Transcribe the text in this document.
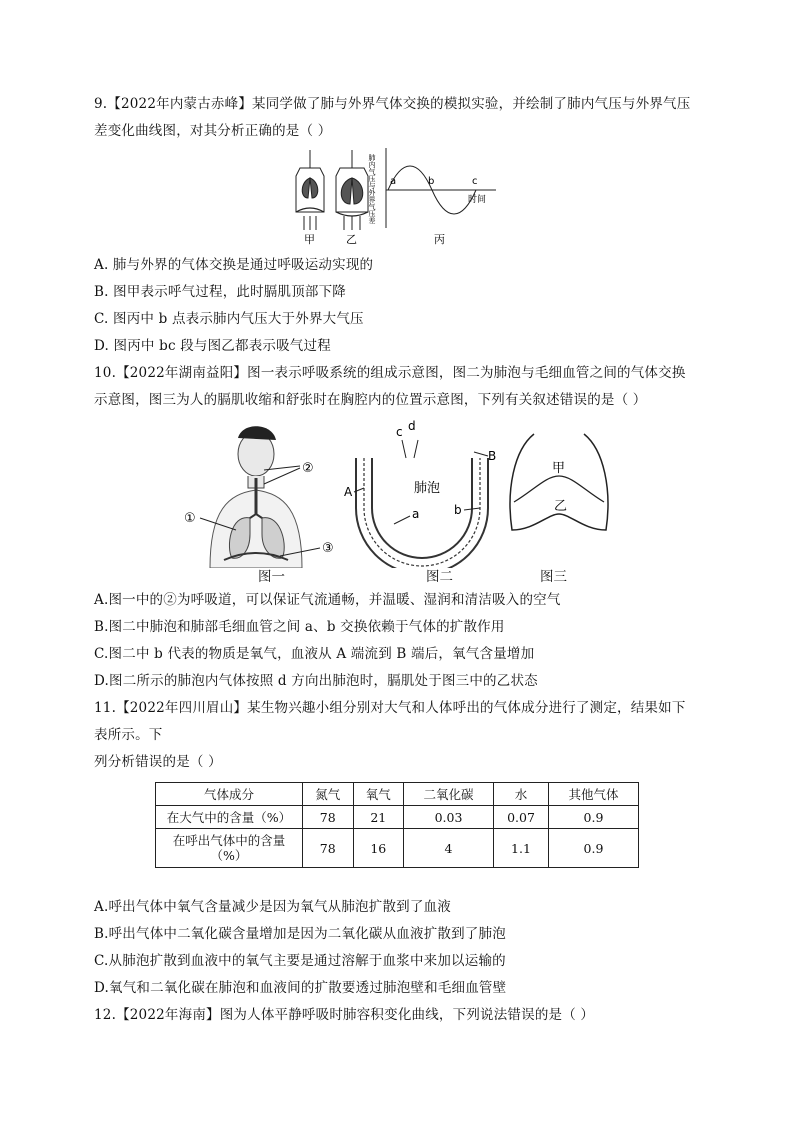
9.【2022年内蒙古赤峰】某同学做了肺与外界气体交换的模拟实验，并绘制了肺内气压与外界气压
差变化曲线图，对其分析正确的是（ ）
甲	乙
a	b	c
时间
肺内气压与外界气压差
丙
A. 肺与外界的气体交换是通过呼吸运动实现的
B. 图甲表示呼气过程，此时膈肌顶部下降
C. 图丙中 b 点表示肺内气压大于外界大气压
D. 图丙中 bc 段与图乙都表示吸气过程
10.【2022年湖南益阳】图一表示呼吸系统的组成示意图，图二为肺泡与毛细血管之间的气体交换
示意图，图三为人的膈肌收缩和舒张时在胸腔内的位置示意图，下列有关叙述错误的是（ ）
②
①
③
图一
肺泡
c d
A
B
a	b
图二
甲
乙
图三
A.图一中的②为呼吸道，可以保证气流通畅，并温暖、湿润和清洁吸入的空气
B.图二中肺泡和肺部毛细血管之间 a、b 交换依赖于气体的扩散作用
C.图二中 b 代表的物质是氧气，血液从 A 端流到 B 端后，氧气含量增加
D.图二所示的肺泡内气体按照 d 方向出肺泡时，膈肌处于图三中的乙状态
11.【2022年四川眉山】某生物兴趣小组分别对大气和人体呼出的气体成分进行了测定，结果如下
表所示。下
列分析错误的是（ ）
气体成分	氮气	氧气	二氧化碳	水	其他气体
在大气中的含量（%）	78	21	0.03	0.07	0.9
在呼出气体中的含量（%）	78	16	4	1.1	0.9
A.呼出气体中氧气含量减少是因为氧气从肺泡扩散到了血液
B.呼出气体中二氧化碳含量增加是因为二氧化碳从血液扩散到了肺泡
C.从肺泡扩散到血液中的氧气主要是通过溶解于血浆中来加以运输的
D.氧气和二氧化碳在肺泡和血液间的扩散要透过肺泡壁和毛细血管壁
12.【2022年海南】图为人体平静呼吸时肺容积变化曲线，下列说法错误的是（ ）
